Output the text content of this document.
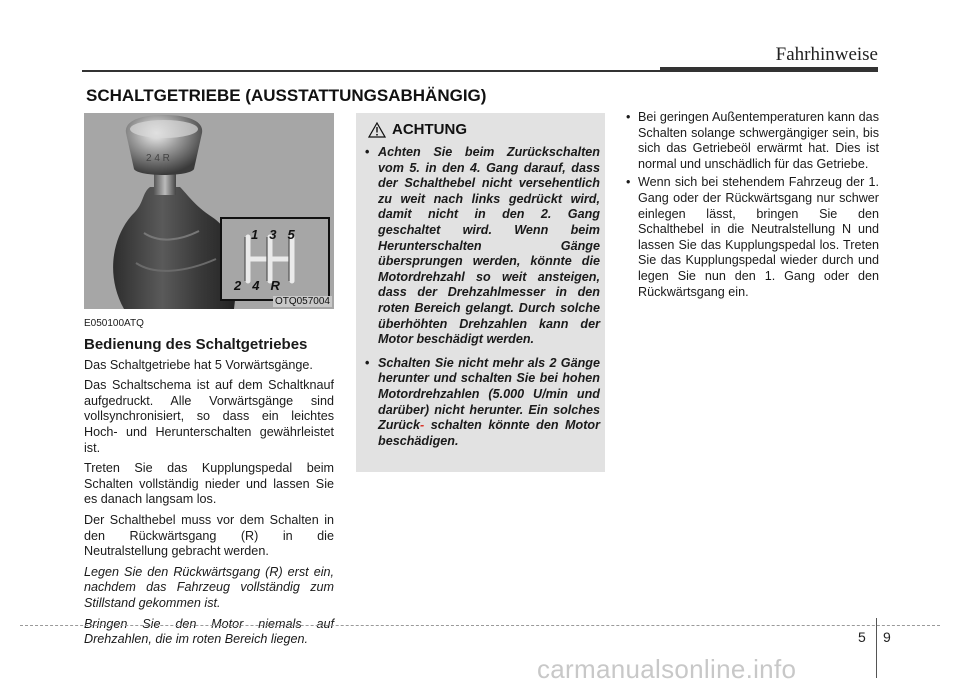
Fahrhinweise
SCHALTGETRIEBE (AUSSTATTUNGSABHÄNGIG)
2 4 R
135
24R
OTQ057004

E050100ATQ

Bedienung des Schaltgetriebes

Das Schaltgetriebe hat 5 Vorwärtsgänge.

Das Schaltschema ist auf dem Schaltknauf aufgedruckt. Alle Vorwärtsgänge sind vollsynchronisiert, so dass ein leichtes Hoch- und Herunterschalten gewährleistet ist.

Treten Sie das Kupplungspedal beim Schalten vollständig nieder und lassen Sie es danach langsam los.

Der Schalthebel muss vor dem Schalten in den Rückwärtsgang (R) in die Neutralstellung gebracht werden.

Legen Sie den Rückwärtsgang (R) erst ein, nachdem das Fahrzeug vollständig zum Stillstand gekommen ist.

Bringen Sie den Motor niemals auf Drehzahlen, die im roten Bereich liegen.

ACHTUNG
• Achten Sie beim Zurückschalten vom 5. in den 4. Gang darauf, dass der Schalthebel nicht versehentlich zu weit nach links gedrückt wird, damit nicht in den 2. Gang geschaltet wird. Wenn beim Herunterschalten Gänge übersprungen werden, könnte die Motordrehzahl so weit ansteigen, dass der Drehzahlmesser in den roten Bereich gelangt. Durch solche überhöhten Drehzahlen kann der Motor beschädigt werden.
• Schalten Sie nicht mehr als 2 Gänge herunter und schalten Sie bei hohen Motordrehzahlen (5.000 U/min und darüber) nicht herunter. Ein solches Zurück- schalten könnte den Motor beschädigen.
• Bei geringen Außentemperaturen kann das Schalten solange schwergängiger sein, bis sich das Getriebeöl erwärmt hat. Dies ist normal und unschädlich für das Getriebe.
• Wenn sich bei stehendem Fahrzeug der 1. Gang oder der Rückwärtsgang nur schwer einlegen lässt, bringen Sie den Schalthebel in die Neutralstellung N und lassen Sie das Kupplungspedal los. Treten Sie das Kupplungspedal wieder durch und legen Sie nun den 1. Gang oder den Rückwärtsgang ein.
5 9
carmanualsonline.info
